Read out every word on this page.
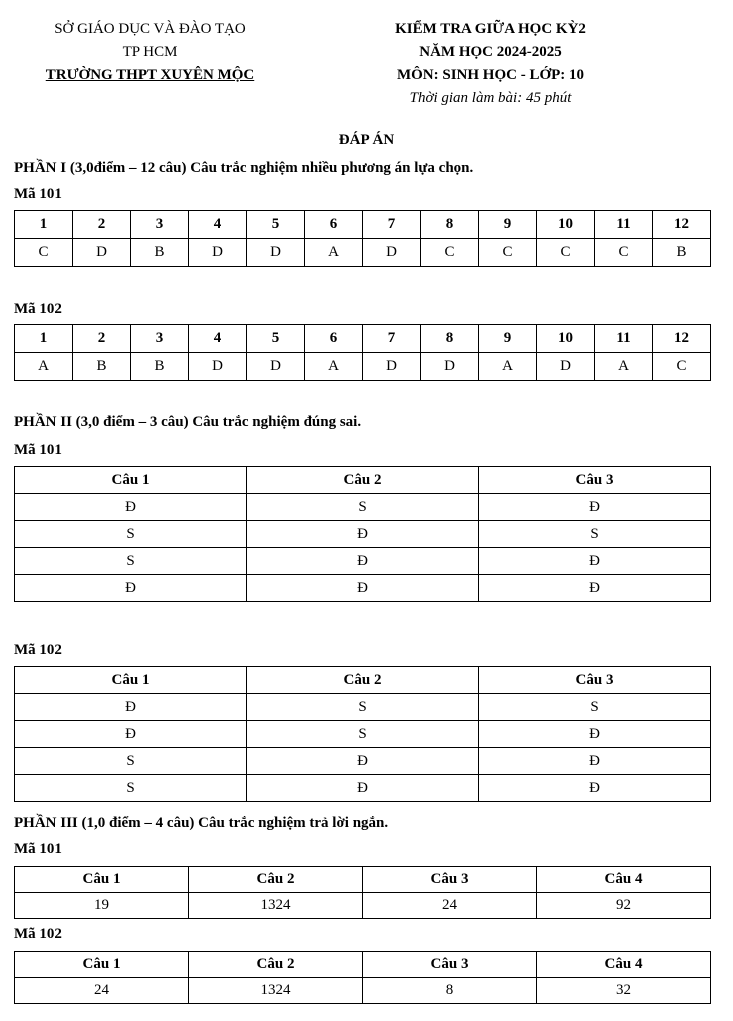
SỞ GIÁO DỤC VÀ ĐÀO TẠO
TP HCM
TRƯỜNG THPT XUYÊN MỘC
KIỂM TRA GIỮA HỌC KỲ2
NĂM HỌC 2024-2025
MÔN: SINH HỌC - LỚP: 10
Thời gian làm bài: 45 phút
ĐÁP ÁN
PHẦN I (3,0điểm – 12 câu) Câu trắc nghiệm nhiều phương án lựa chọn.
Mã 101
1	2	3	4	5	6	7	8	9	10	11	12
C	D	B	D	D	A	D	C	C	C	C	B
Mã 102
1	2	3	4	5	6	7	8	9	10	11	12
A	B	B	D	D	A	D	D	A	D	A	C
PHẦN II (3,0 điểm – 3 câu) Câu trắc nghiệm đúng sai.
Mã 101
Câu 1	Câu 2	Câu 3
Đ	S	Đ
S	Đ	S
S	Đ	Đ
Đ	Đ	Đ
Mã 102
Câu 1	Câu 2	Câu 3
Đ	S	S
Đ	S	Đ
S	Đ	Đ
S	Đ	Đ
PHẦN III (1,0 điểm – 4 câu) Câu trắc nghiệm trả lời ngắn.
Mã 101
Câu 1	Câu 2	Câu 3	Câu 4
19	1324	24	92
Mã 102
Câu 1	Câu 2	Câu 3	Câu 4
24	1324	8	32
